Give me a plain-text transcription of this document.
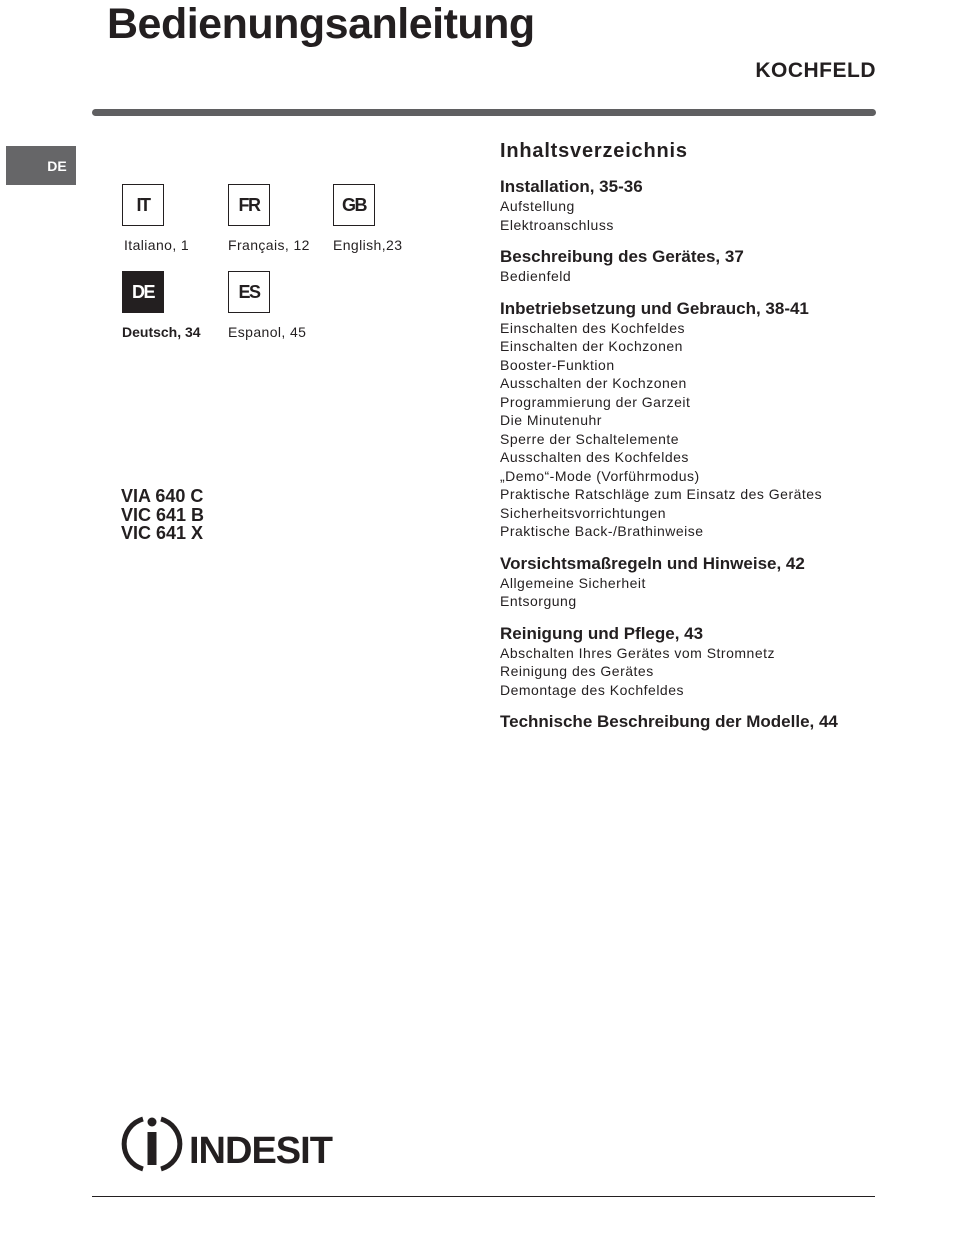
Bedienungsanleitung
KOCHFELD
DE
IT
Italiano, 1
FR
Français, 12
GB
English,23
DE
Deutsch, 34
ES
Espanol, 45
VIA 640 C
VIC 641 B
VIC 641 X
Inhaltsverzeichnis
Installation, 35-36
Aufstellung
Elektroanschluss
Beschreibung des Gerätes, 37
Bedienfeld
Inbetriebsetzung und Gebrauch, 38-41
Einschalten des Kochfeldes
Einschalten der Kochzonen
Booster-Funktion
Ausschalten der Kochzonen
Programmierung der Garzeit
Die Minutenuhr
Sperre der Schaltelemente
Ausschalten des Kochfeldes
„Demo“-Mode (Vorführmodus)
Praktische Ratschläge zum Einsatz des Gerätes
Sicherheitsvorrichtungen
Praktische Back-/Brathinweise
Vorsichtsmaßregeln und Hinweise, 42
Allgemeine Sicherheit
Entsorgung
Reinigung und Pflege, 43
Abschalten Ihres Gerätes vom Stromnetz
Reinigung des Gerätes
Demontage des Kochfeldes
Technische Beschreibung der Modelle, 44
INDESIT
